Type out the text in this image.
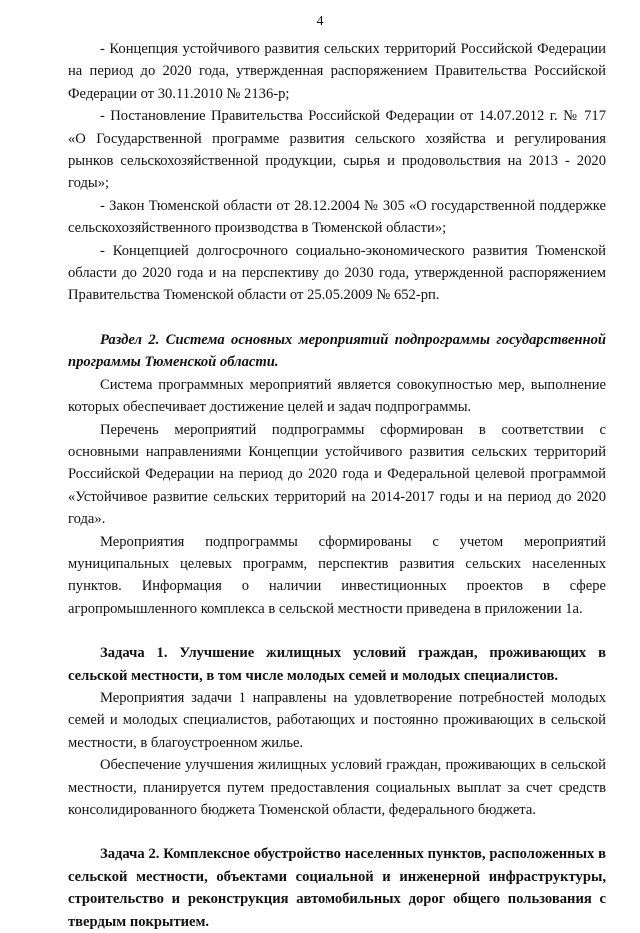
4

- Концепция устойчивого развития сельских территорий Российской Федерации на период до 2020 года, утвержденная распоряжением Правительства Российской Федерации от 30.11.2010 № 2136-р;

- Постановление Правительства Российской Федерации от 14.07.2012 г. № 717 «О Государственной программе развития сельского хозяйства и регулирования рынков сельскохозяйственной продукции, сырья и продовольствия на 2013 - 2020 годы»;

- Закон Тюменской области от 28.12.2004 № 305 «О государственной поддержке сельскохозяйственного производства в Тюменской области»;

- Концепцией долгосрочного социально-экономического развития Тюменской области до 2020 года и на перспективу до 2030 года, утвержденной распоряжением Правительства Тюменской области от 25.05.2009 № 652-рп.

Раздел 2. Система основных мероприятий подпрограммы государственной программы Тюменской области.

Система программных мероприятий является совокупностью мер, выполнение которых обеспечивает достижение целей и задач подпрограммы.

Перечень мероприятий подпрограммы сформирован в соответствии с основными направлениями Концепции устойчивого развития сельских территорий Российской Федерации на период до 2020 года и Федеральной целевой программой «Устойчивое развитие сельских территорий на 2014-2017 годы и на период до 2020 года».

Мероприятия подпрограммы сформированы с учетом мероприятий муниципальных целевых программ, перспектив развития сельских населенных пунктов. Информация о наличии инвестиционных проектов в сфере агропромышленного комплекса в сельской местности приведена в приложении 1а.

Задача 1. Улучшение жилищных условий граждан, проживающих в сельской местности, в том числе молодых семей и молодых специалистов.

Мероприятия задачи 1 направлены на удовлетворение потребностей молодых семей и молодых специалистов, работающих и постоянно проживающих в сельской местности, в благоустроенном жилье.

Обеспечение улучшения жилищных условий граждан, проживающих в сельской местности, планируется путем предоставления социальных выплат за счет средств консолидированного бюджета Тюменской области, федерального бюджета.

Задача 2. Комплексное обустройство населенных пунктов, расположенных в сельской местности, объектами социальной и инженерной инфраструктуры, строительство и реконструкция автомобильных дорог общего пользования с твердым покрытием.
